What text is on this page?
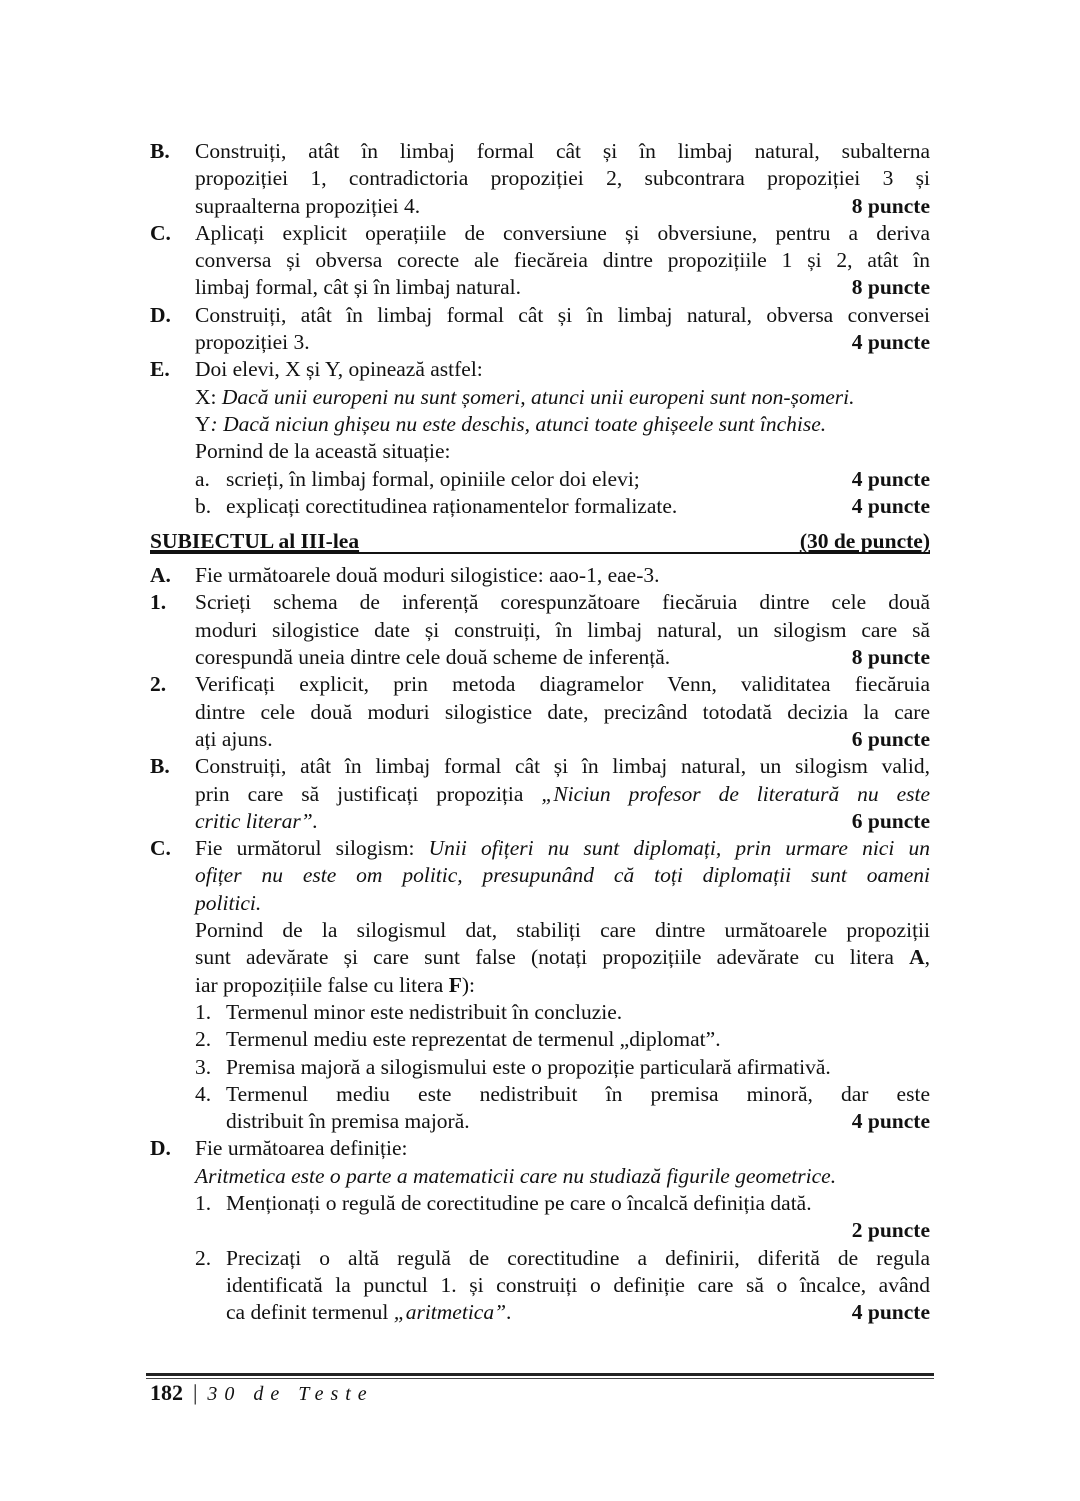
B. Construiți, atât în limbaj formal cât și în limbaj natural, subalterna
propoziției 1, contradictoria propoziției 2, subcontrara propoziției 3 și
supraalterna propoziției 4.	8 puncte
C. Aplicați explicit operațiile de conversiune și obversiune, pentru a deriva
conversa și obversa corecte ale fiecăreia dintre propozițiile 1 și 2, atât în
limbaj formal, cât și în limbaj natural.	8 puncte
D. Construiți, atât în limbaj formal cât și în limbaj natural, obversa conversei
propoziției 3.	4 puncte
E. Doi elevi, X și Y, opinează astfel:
X: Dacă unii europeni nu sunt șomeri, atunci unii europeni sunt non-șomeri.
Y: Dacă niciun ghișeu nu este deschis, atunci toate ghișeele sunt închise.
Pornind de la această situație:
a. scrieți, în limbaj formal, opiniile celor doi elevi;	4 puncte
b. explicați corectitudinea raționamentelor formalizate.	4 puncte
SUBIECTUL al III-lea	(30 de puncte)
A. Fie următoarele două moduri silogistice: aao-1, eae-3.
1. Scrieți schema de inferență corespunzătoare fiecăruia dintre cele două
moduri silogistice date și construiți, în limbaj natural, un silogism care să
corespundă uneia dintre cele două scheme de inferență.	8 puncte
2. Verificați explicit, prin metoda diagramelor Venn, validitatea fiecăruia
dintre cele două moduri silogistice date, precizând totodată decizia la care
ați ajuns.	6 puncte
B. Construiți, atât în limbaj formal cât și în limbaj natural, un silogism valid,
prin care să justificați propoziția „Niciun profesor de literatură nu este
critic literar”.	6 puncte
C. Fie următorul silogism: Unii ofițeri nu sunt diplomați, prin urmare nici un
ofițer nu este om politic, presupunând că toți diplomații sunt oameni
politici.
Pornind de la silogismul dat, stabiliți care dintre următoarele propoziții
sunt adevărate și care sunt false (notați propozițiile adevărate cu litera A,
iar propozițiile false cu litera F):
1. Termenul minor este nedistribuit în concluzie.
2. Termenul mediu este reprezentat de termenul „diplomat”.
3. Premisa majoră a silogismului este o propoziție particulară afirmativă.
4. Termenul mediu este nedistribuit în premisa minoră, dar este
distribuit în premisa majoră.	4 puncte
D. Fie următoarea definiție:
Aritmetica este o parte a matematicii care nu studiază figurile geometrice.
1. Menționați o regulă de corectitudine pe care o încalcă definiția dată.
2 puncte
2. Precizați o altă regulă de corectitudine a definirii, diferită de regula
identificată la punctul 1. și construiți o definiție care să o încalce, având
ca definit termenul „aritmetica”.	4 puncte
182 | 30 de Teste
